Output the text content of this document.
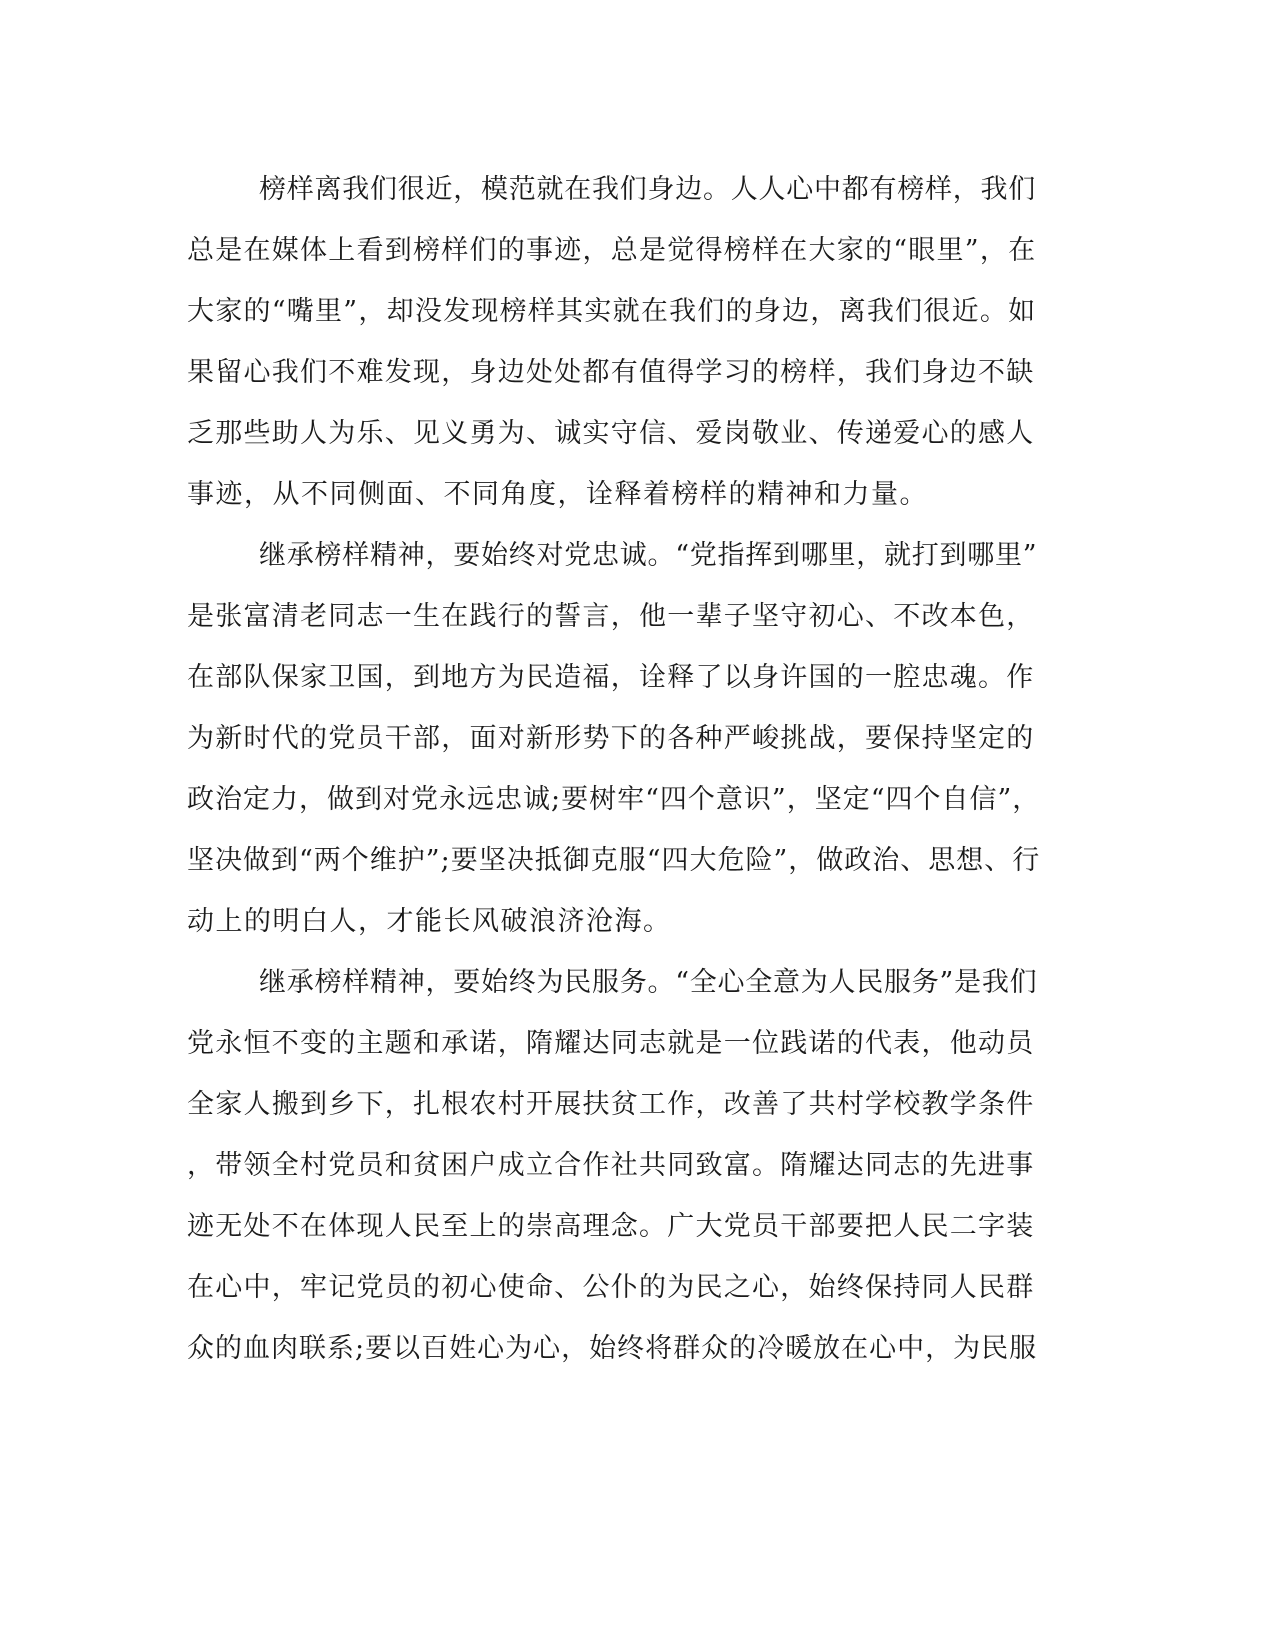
榜样离我们很近，模范就在我们身边。人人心中都有榜样，我们
总是在媒体上看到榜样们的事迹，总是觉得榜样在大家的“眼里”，在
大家的“嘴里”，却没发现榜样其实就在我们的身边，离我们很近。如
果留心我们不难发现，身边处处都有值得学习的榜样，我们身边不缺
乏那些助人为乐、见义勇为、诚实守信、爱岗敬业、传递爱心的感人
事迹，从不同侧面、不同角度，诠释着榜样的精神和力量。
继承榜样精神，要始终对党忠诚。“党指挥到哪里，就打到哪里”
是张富清老同志一生在践行的誓言，他一辈子坚守初心、不改本色，
在部队保家卫国，到地方为民造福，诠释了以身许国的一腔忠魂。作
为新时代的党员干部，面对新形势下的各种严峻挑战，要保持坚定的
政治定力，做到对党永远忠诚;要树牢“四个意识”，坚定“四个自信”，
坚决做到“两个维护”;要坚决抵御克服“四大危险”，做政治、思想、行
动上的明白人，才能长风破浪济沧海。
继承榜样精神，要始终为民服务。“全心全意为人民服务”是我们
党永恒不变的主题和承诺，隋耀达同志就是一位践诺的代表，他动员
全家人搬到乡下，扎根农村开展扶贫工作，改善了共村学校教学条件
，带领全村党员和贫困户成立合作社共同致富。隋耀达同志的先进事
迹无处不在体现人民至上的崇高理念。广大党员干部要把人民二字装
在心中，牢记党员的初心使命、公仆的为民之心，始终保持同人民群
众的血肉联系;要以百姓心为心，始终将群众的冷暖放在心中，为民服
